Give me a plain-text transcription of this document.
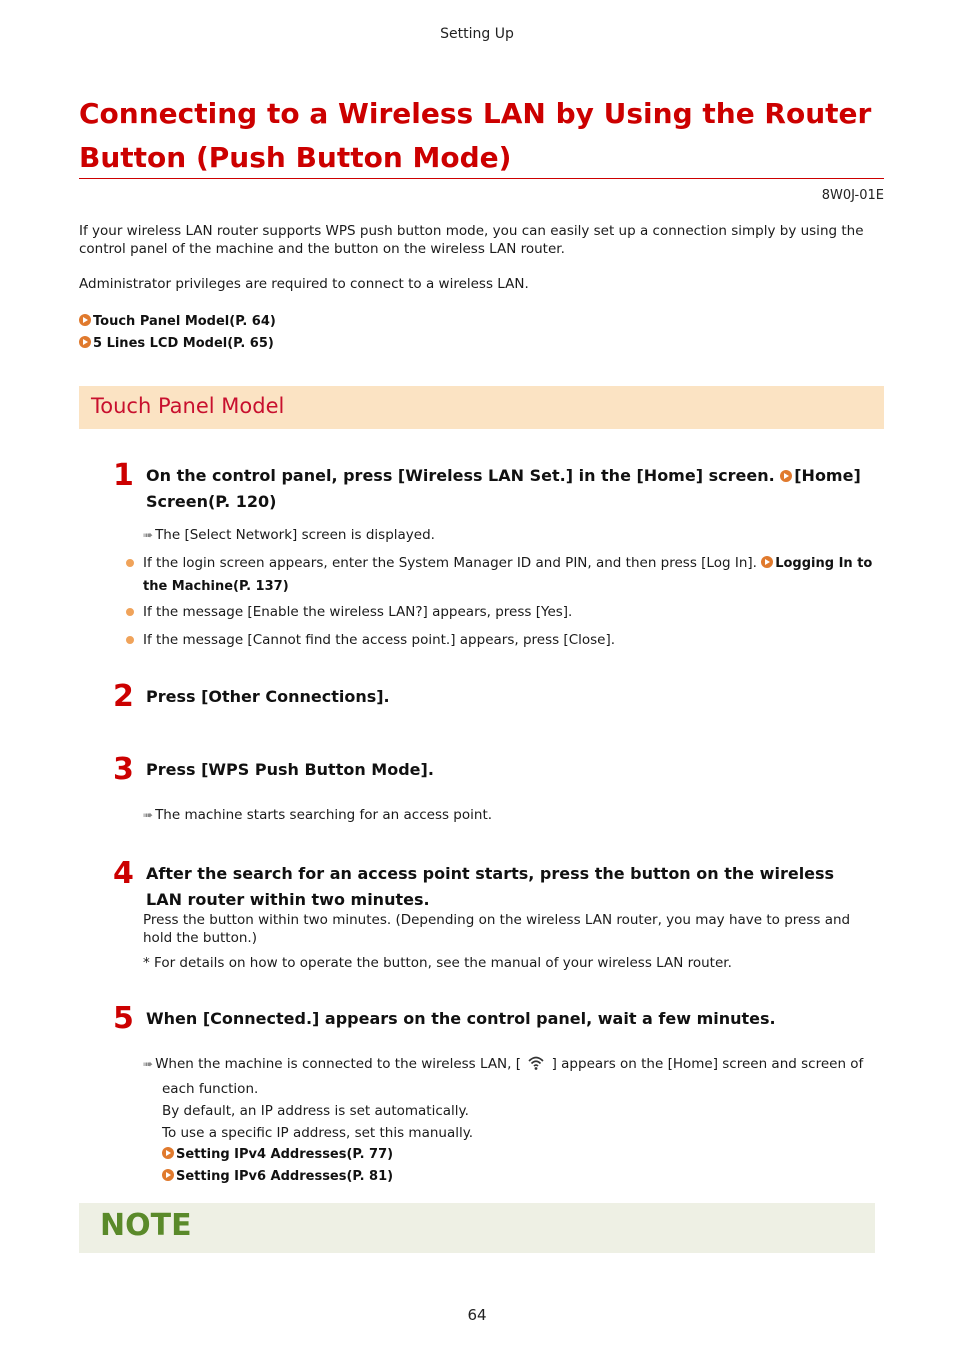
Setting Up
Connecting to a Wireless LAN by Using the Router
Button (Push Button Mode)
8W0J-01E
If your wireless LAN router supports WPS push button mode, you can easily set up a connection simply by using the control panel of the machine and the button on the wireless LAN router.
Administrator privileges are required to connect to a wireless LAN.
Touch Panel Model(P. 64)
5 Lines LCD Model(P. 65)
Touch Panel Model
1 On the control panel, press [Wireless LAN Set.] in the [Home] screen. [Home] Screen(P. 120)
➠ The [Select Network] screen is displayed.
If the login screen appears, enter the System Manager ID and PIN, and then press [Log In]. Logging In to the Machine(P. 137)
If the message [Enable the wireless LAN?] appears, press [Yes].
If the message [Cannot find the access point.] appears, press [Close].
2 Press [Other Connections].
3 Press [WPS Push Button Mode].
➠ The machine starts searching for an access point.
4 After the search for an access point starts, press the button on the wireless LAN router within two minutes.
Press the button within two minutes. (Depending on the wireless LAN router, you may have to press and hold the button.)
* For details on how to operate the button, see the manual of your wireless LAN router.
5 When [Connected.] appears on the control panel, wait a few minutes.
➠ When the machine is connected to the wireless LAN, [ ] appears on the [Home] screen and screen of
each function.
By default, an IP address is set automatically.
To use a specific IP address, set this manually.
Setting IPv4 Addresses(P. 77)
Setting IPv6 Addresses(P. 81)
NOTE
64
